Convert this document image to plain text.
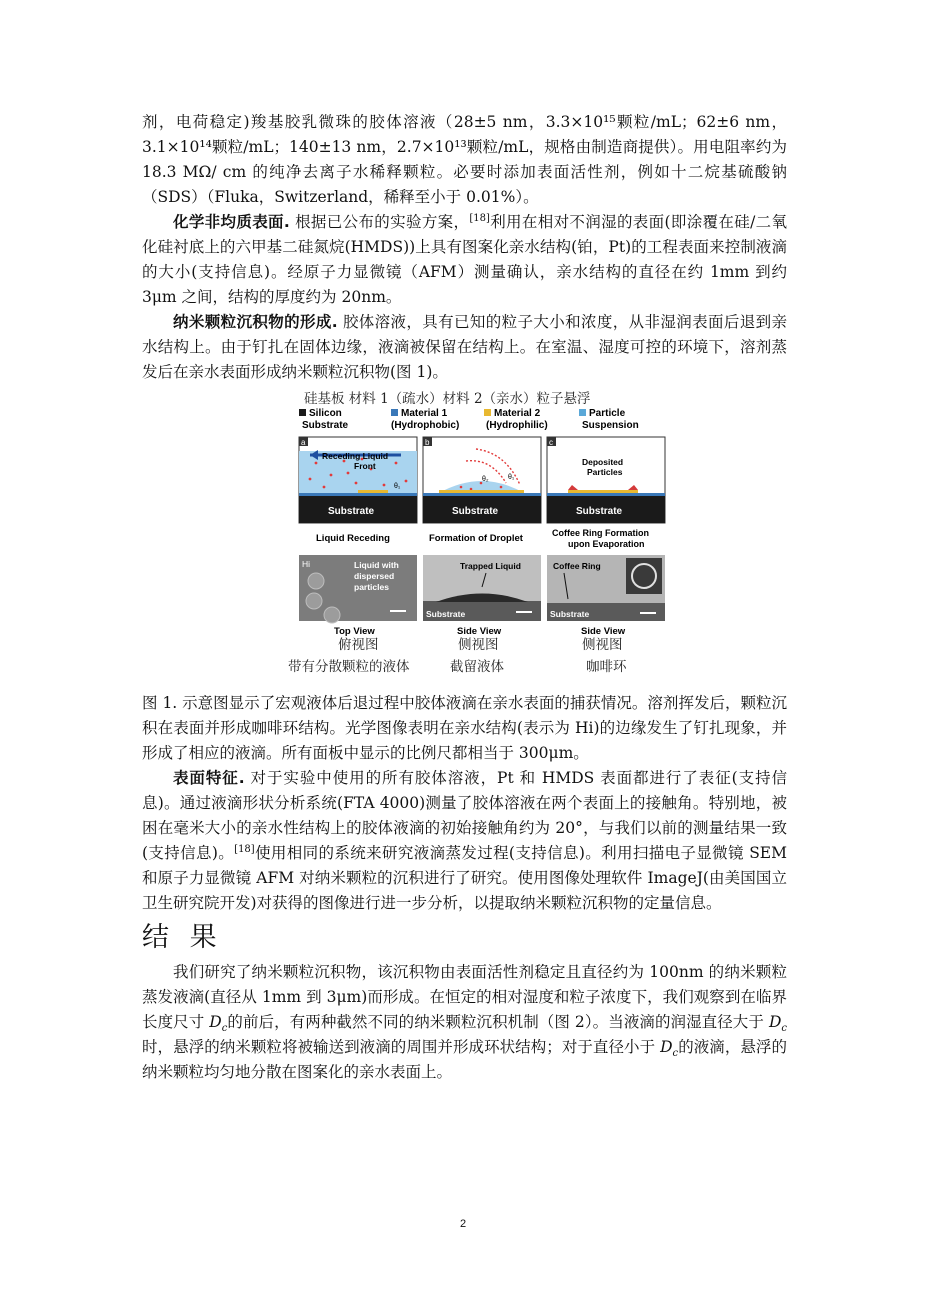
剂，电荷稳定)羧基胶乳微珠的胶体溶液（28±5 nm，3.3×10¹⁵颗粒/mL；62±6 nm，3.1×10¹⁴颗粒/mL；140±13 nm，2.7×10¹³颗粒/mL，规格由制造商提供）。用电阻率约为 18.3 MΩ/ cm 的纯净去离子水稀释颗粒。必要时添加表面活性剂，例如十二烷基硫酸钠（SDS）（Fluka，Switzerland，稀释至小于 0.01%）。

化学非均质表面. 根据已公布的实验方案，[18]利用在相对不润湿的表面(即涂覆在硅/二氧化硅衬底上的六甲基二硅氮烷(HMDS))上具有图案化亲水结构(铂，Pt)的工程表面来控制液滴的大小(支持信息)。经原子力显微镜（AFM）测量确认，亲水结构的直径在约 1mm 到约 3μm 之间，结构的厚度约为 20nm。

纳米颗粒沉积物的形成. 胶体溶液，具有已知的粒子大小和浓度，从非湿润表面后退到亲水结构上。由于钉扎在固体边缘，液滴被保留在结构上。在室温、湿度可控的环境下，溶剂蒸发后在亲水表面形成纳米颗粒沉积物(图 1)。

硅基板 材料 1（疏水）材料 2（亲水）粒子悬浮
Silicon
Substrate
Material 1
(Hydrophobic)
Material 2
(Hydrophilic)
Particle
Suspension
a
Receding Liquid
Front
θ₁
Substrate
b
θ₂	θ₁
Substrate
c
Deposited
Particles
Substrate
Liquid Receding	Formation of Droplet	Coffee Ring Formation
upon Evaporation
Hi	Liquid with
dispersed
particles
Trapped Liquid
Substrate
Coffee Ring
Substrate
Top View	Side View	Side View
俯视图	侧视图	侧视图
带有分散颗粒的液体	截留液体	咖啡环

图 1. 示意图显示了宏观液体后退过程中胶体液滴在亲水表面的捕获情况。溶剂挥发后，颗粒沉积在表面并形成咖啡环结构。光学图像表明在亲水结构(表示为 Hi)的边缘发生了钉扎现象，并形成了相应的液滴。所有面板中显示的比例尺都相当于 300μm。

表面特征. 对于实验中使用的所有胶体溶液，Pt 和 HMDS 表面都进行了表征(支持信息)。通过液滴形状分析系统(FTA 4000)测量了胶体溶液在两个表面上的接触角。特别地，被困在毫米大小的亲水性结构上的胶体液滴的初始接触角约为 20°，与我们以前的测量结果一致(支持信息)。[18]使用相同的系统来研究液滴蒸发过程(支持信息)。利用扫描电子显微镜 SEM 和原子力显微镜 AFM 对纳米颗粒的沉积进行了研究。使用图像处理软件 ImageJ(由美国国立卫生研究院开发)对获得的图像进行进一步分析，以提取纳米颗粒沉积物的定量信息。

结 果

我们研究了纳米颗粒沉积物，该沉积物由表面活性剂稳定且直径约为 100nm 的纳米颗粒蒸发液滴(直径从 1mm 到 3μm)而形成。在恒定的相对湿度和粒子浓度下，我们观察到在临界长度尺寸 $D_c$的前后，有两种截然不同的纳米颗粒沉积机制（图 2）。当液滴的润湿直径大于 $D_c$时，悬浮的纳米颗粒将被输送到液滴的周围并形成环状结构；对于直径小于 $D_c$的液滴，悬浮的纳米颗粒均匀地分散在图案化的亲水表面上。

2
